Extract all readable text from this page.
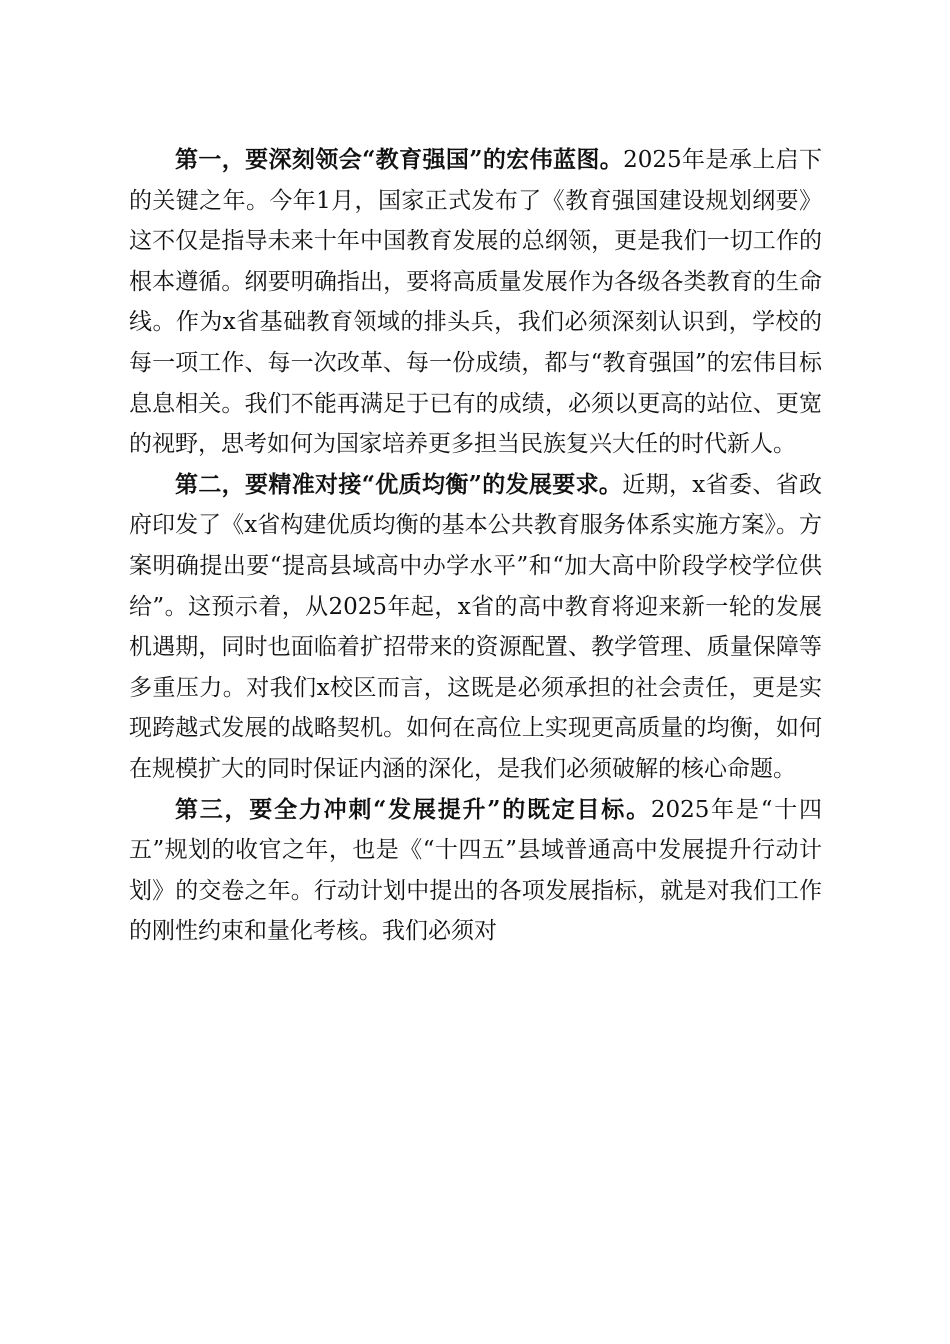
第一，要深刻领会“教育强国”的宏伟蓝图。2025年是承上启下的关键之年。今年1月，国家正式发布了《教育强国建设规划纲要》这不仅是指导未来十年中国教育发展的总纲领，更是我们一切工作的根本遵循。纲要明确指出，要将高质量发展作为各级各类教育的生命线。作为x省基础教育领域的排头兵，我们必须深刻认识到，学校的每一项工作、每一次改革、每一份成绩，都与“教育强国”的宏伟目标息息相关。我们不能再满足于已有的成绩，必须以更高的站位、更宽的视野，思考如何为国家培养更多担当民族复兴大任的时代新人。

第二，要精准对接“优质均衡”的发展要求。近期，x省委、省政府印发了《x省构建优质均衡的基本公共教育服务体系实施方案》。方案明确提出要“提高县域高中办学水平”和“加大高中阶段学校学位供给”。这预示着，从2025年起，x省的高中教育将迎来新一轮的发展机遇期，同时也面临着扩招带来的资源配置、教学管理、质量保障等多重压力。对我们x校区而言，这既是必须承担的社会责任，更是实现跨越式发展的战略契机。如何在高位上实现更高质量的均衡，如何在规模扩大的同时保证内涵的深化，是我们必须破解的核心命题。

第三，要全力冲刺“发展提升”的既定目标。2025年是“十四五”规划的收官之年，也是《“十四五”县域普通高中发展提升行动计划》的交卷之年。行动计划中提出的各项发展指标，就是对我们工作的刚性约束和量化考核。我们必须对
